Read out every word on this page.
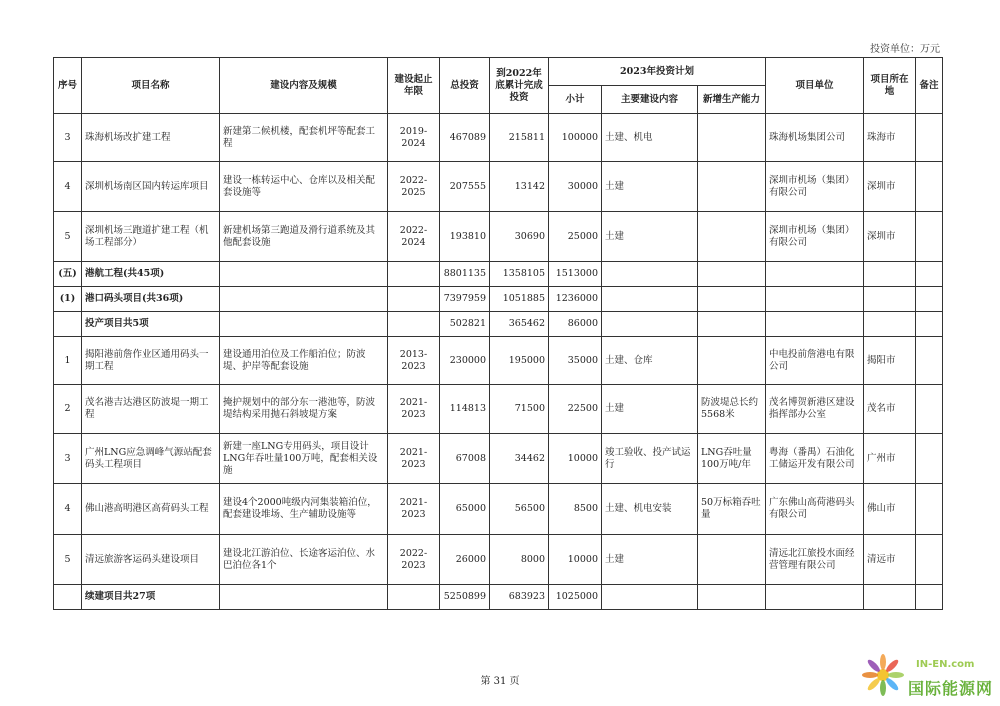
投资单位：万元
序号	项目名称	建设内容及规模	建设起止年限	总投资	到2022年底累计完成投资	2023年投资计划			项目单位	项目所在地	备注
						小计	主要建设内容	新增生产能力			
3	珠海机场改扩建工程	新建第二候机楼，配套机坪等配套工程	2019-2024	467089	215811	100000	土建、机电		珠海机场集团公司	珠海市	
4	深圳机场南区国内转运库项目	建设一栋转运中心、仓库以及相关配套设施等	2022-2025	207555	13142	30000	土建		深圳市机场（集团）有限公司	深圳市	
5	深圳机场三跑道扩建工程（机场工程部分）	新建机场第三跑道及滑行道系统及其他配套设施	2022-2024	193810	30690	25000	土建		深圳市机场（集团）有限公司	深圳市	
(五)	港航工程(共45项)			8801135	1358105	1513000					
(1)	港口码头项目(共36项)			7397959	1051885	1236000					
	投产项目共5项			502821	365462	86000					
1	揭阳港前詹作业区通用码头一期工程	建设通用泊位及工作船泊位；防波堤、护岸等配套设施	2013-2023	230000	195000	35000	土建、仓库		中电投前詹港电有限公司	揭阳市	
2	茂名港吉达港区防波堤一期工程	掩护规划中的部分东一港池等，防波堤结构采用抛石斜坡堤方案	2021-2023	114813	71500	22500	土建	防波堤总长约5568米	茂名博贺新港区建设指挥部办公室	茂名市	
3	广州LNG应急调峰气源站配套码头工程项目	新建一座LNG专用码头，项目设计LNG年吞吐量100万吨，配套相关设施	2021-2023	67008	34462	10000	竣工验收、投产试运行	LNG吞吐量100万吨/年	粤海（番禺）石油化工储运开发有限公司	广州市	
4	佛山港高明港区高荷码头工程	建设4个2000吨级内河集装箱泊位，配套建设堆场、生产辅助设施等	2021-2023	65000	56500	8500	土建、机电安装	50万标箱吞吐量	广东佛山高荷港码头有限公司	佛山市	
5	清远旅游客运码头建设项目	建设北江游泊位、长途客运泊位、水巴泊位各1个	2022-2023	26000	8000	10000	土建		清远北江旅投水面经营管理有限公司	清远市	
	续建项目共27项			5250899	683923	1025000					
第 31 页
IN-EN.com
国际能源网
